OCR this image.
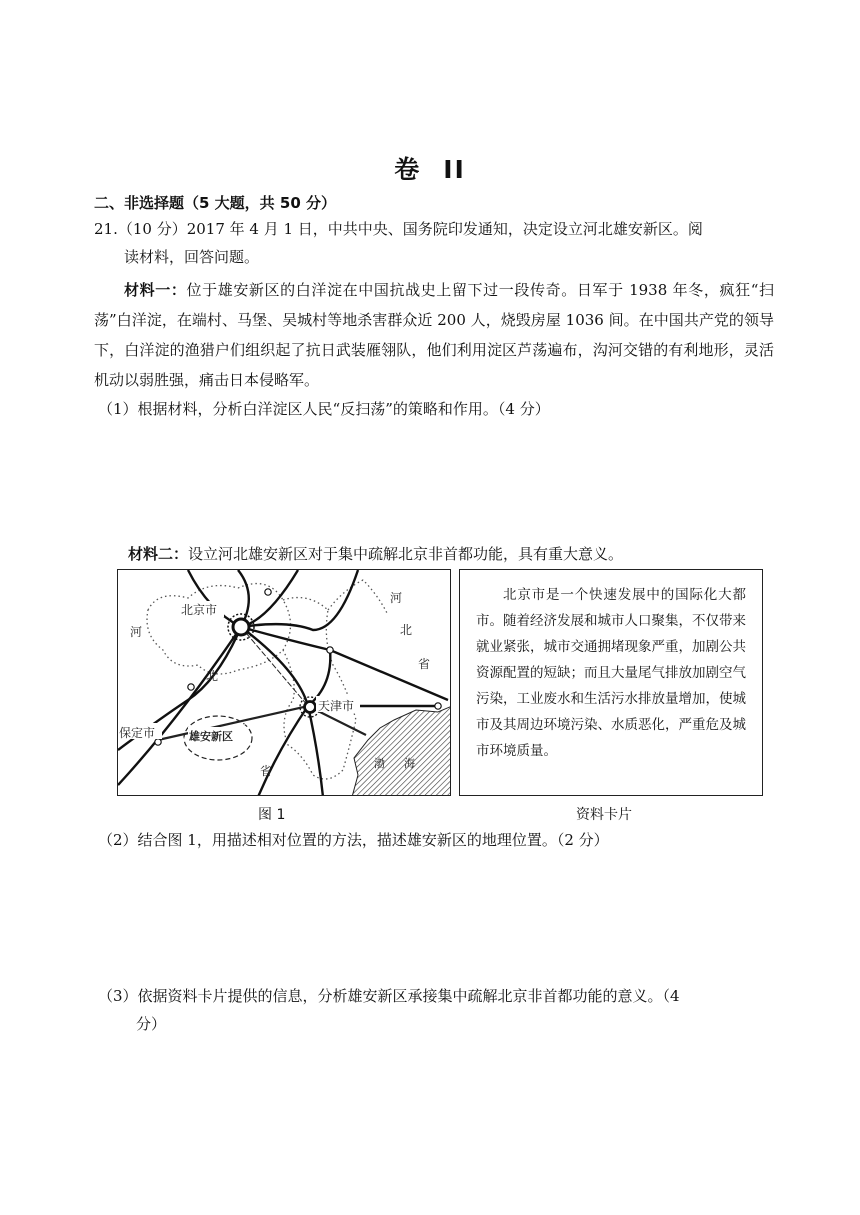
卷 II
二、非选择题（5 大题，共 50 分）
21.（10 分）2017 年 4 月 1 日，中共中央、国务院印发通知，决定设立河北雄安新区。阅
读材料，回答问题。
材料一：位于雄安新区的白洋淀在中国抗战史上留下过一段传奇。日军于 1938 年冬，疯狂“扫荡”白洋淀，在端村、马堡、吴城村等地杀害群众近 200 人，烧毁房屋 1036 间。在中国共产党的领导下，白洋淀的渔猎户们组织起了抗日武装雁翎队，他们利用淀区芦荡遍布，沟河交错的有利地形，灵活机动以弱胜强，痛击日本侵略军。
（1）根据材料，分析白洋淀区人民“反扫荡”的策略和作用。（4 分）
材料二：设立河北雄安新区对于集中疏解北京非首都功能，具有重大意义。
北京市
天津市
保定市	雄安新区
河
北
省
河
北
省
渤 海
北京市是一个快速发展中的国际化大都市。随着经济发展和城市人口聚集，不仅带来就业紧张，城市交通拥堵现象严重，加剧公共资源配置的短缺；而且大量尾气排放加剧空气污染，工业废水和生活污水排放量增加，使城市及其周边环境污染、水质恶化，严重危及城市环境质量。
图 1	资料卡片
（2）结合图 1，用描述相对位置的方法，描述雄安新区的地理位置。（2 分）
（3）依据资料卡片提供的信息，分析雄安新区承接集中疏解北京非首都功能的意义。（4
分）
